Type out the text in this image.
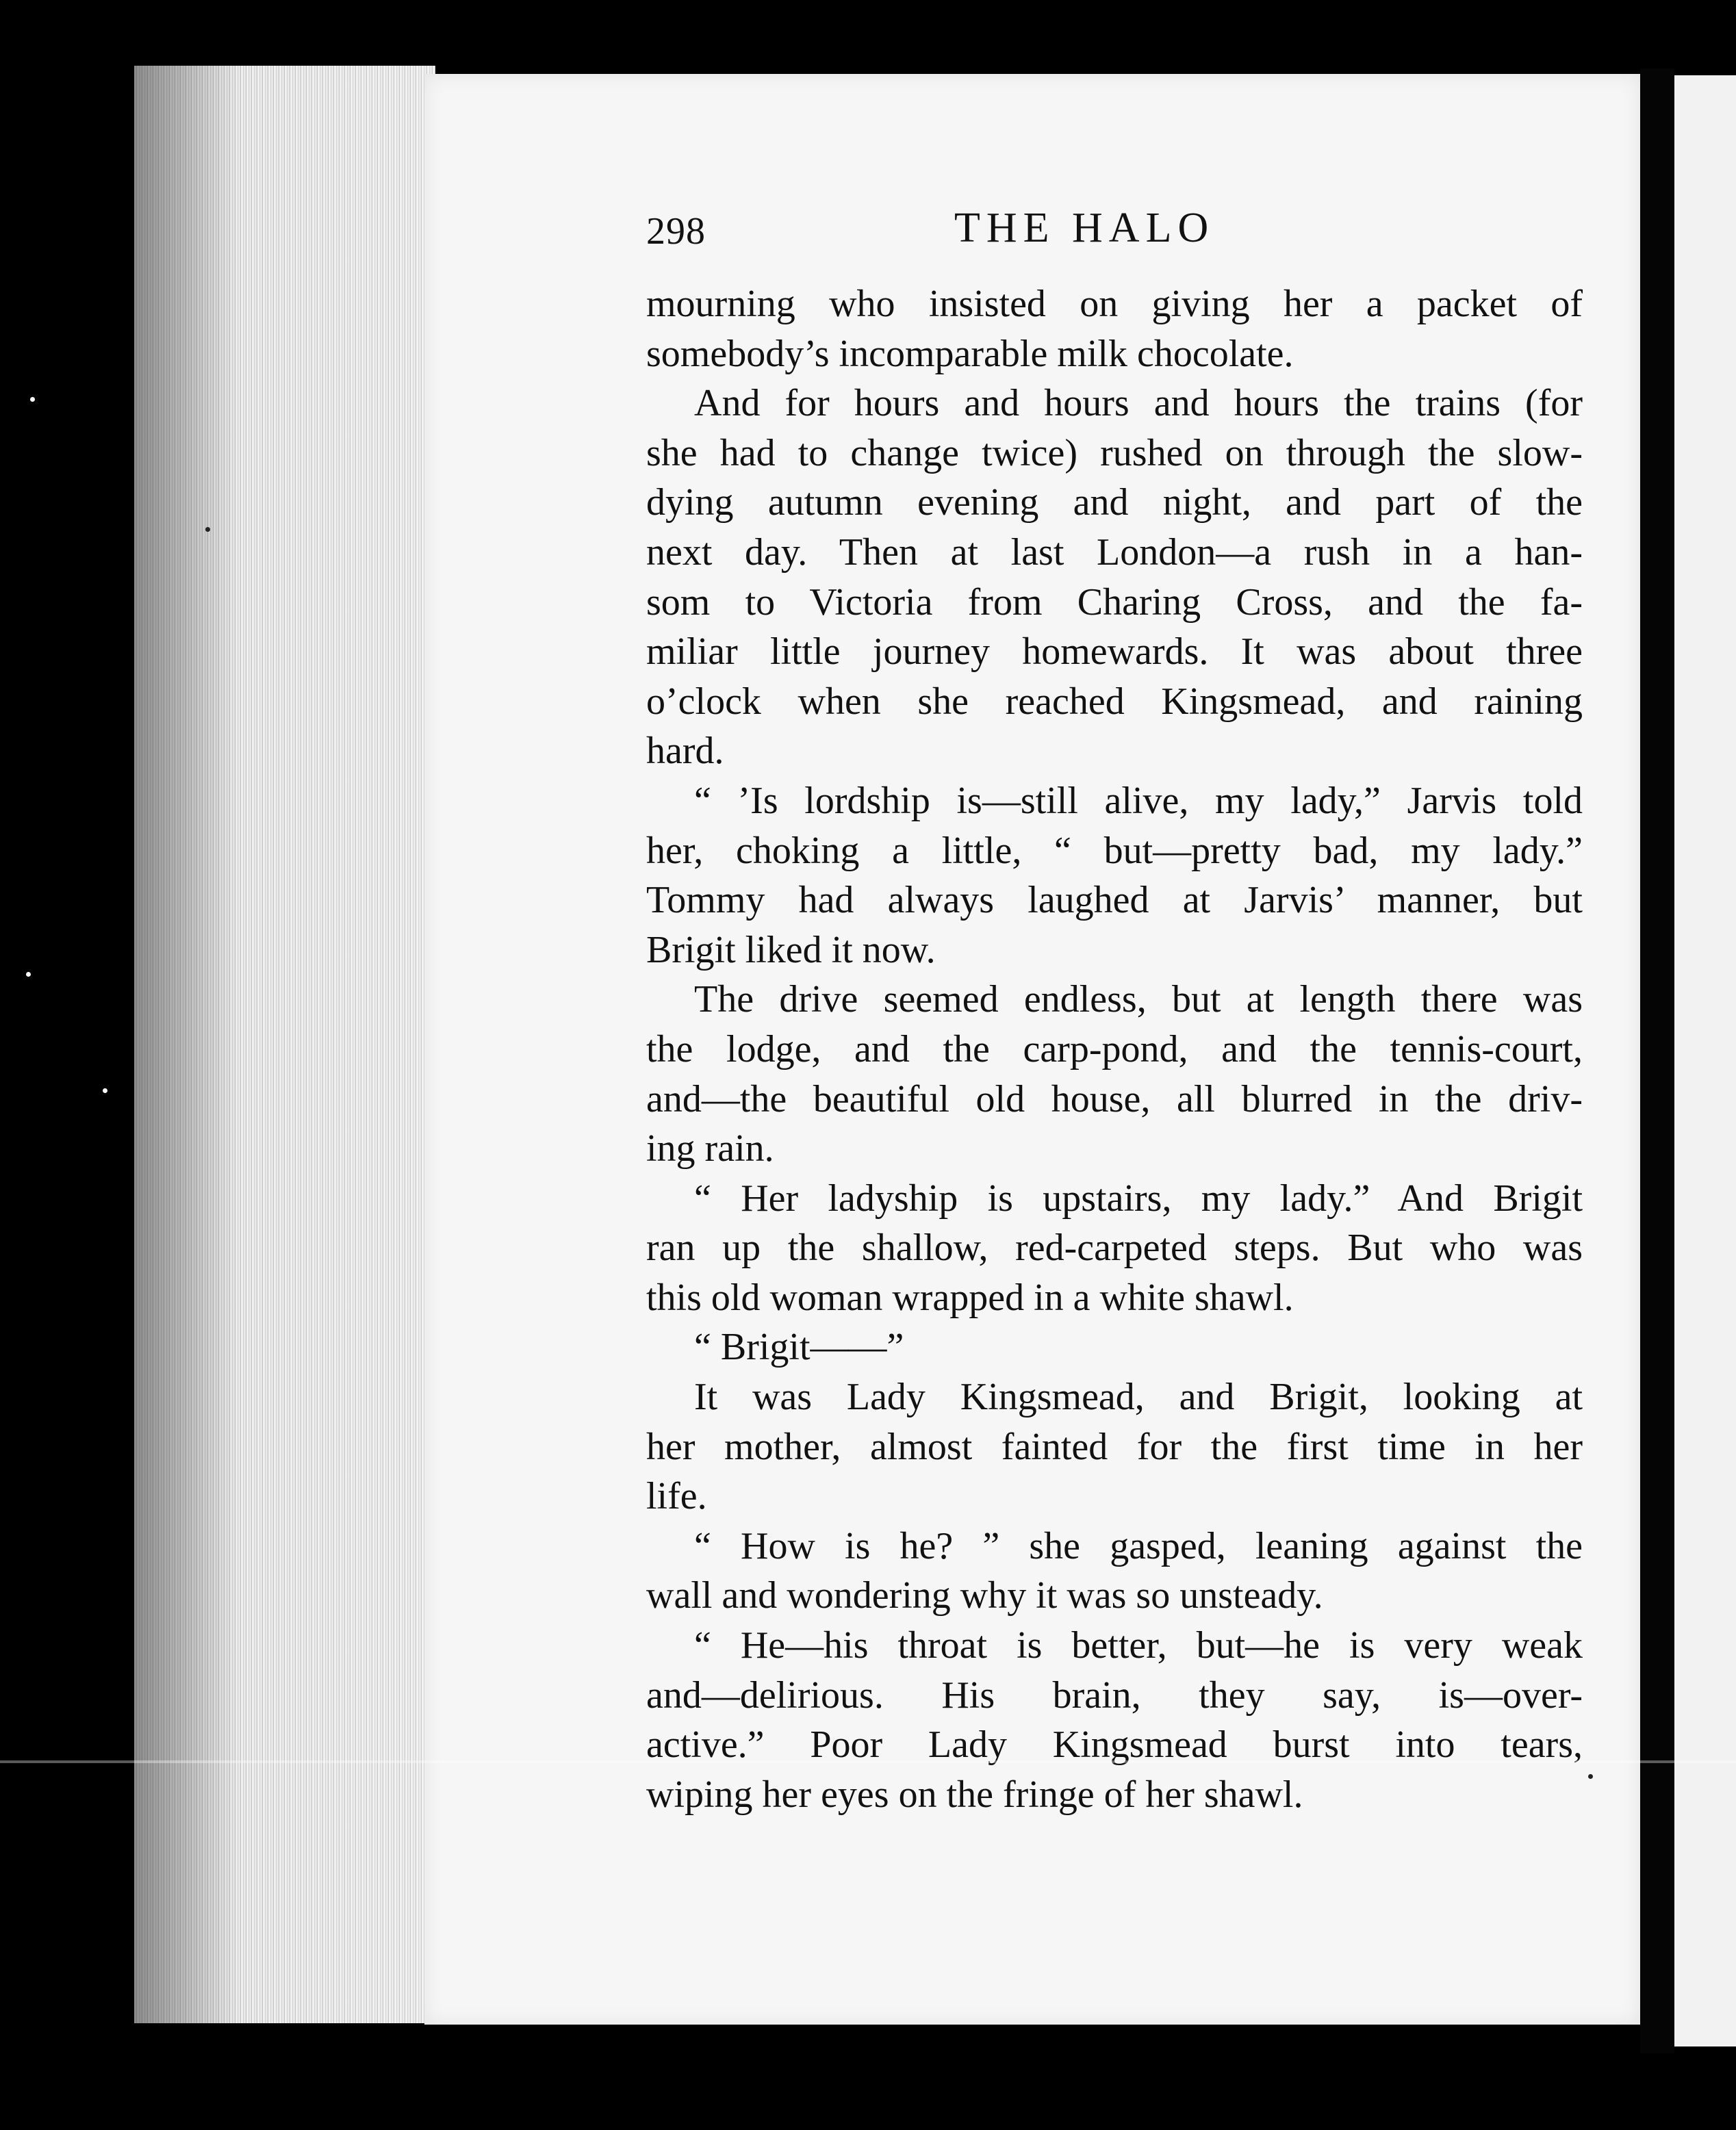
298	THE HALO
mourning who insisted on giving her a packet of
somebody’s incomparable milk chocolate.
And for hours and hours and hours the trains (for
she had to change twice) rushed on through the slow-
dying autumn evening and night, and part of the
next day. Then at last London—a rush in a han-
som to Victoria from Charing Cross, and the fa-
miliar little journey homewards. It was about three
o’clock when she reached Kingsmead, and raining
hard.
“ ’Is lordship is—still alive, my lady,” Jarvis told
her, choking a little, “ but—pretty bad, my lady.”
Tommy had always laughed at Jarvis’ manner, but
Brigit liked it now.
The drive seemed endless, but at length there was
the lodge, and the carp-pond, and the tennis-court,
and—the beautiful old house, all blurred in the driv-
ing rain.
“ Her ladyship is upstairs, my lady.” And Brigit
ran up the shallow, red-carpeted steps. But who was
this old woman wrapped in a white shawl.
“ Brigit——”
It was Lady Kingsmead, and Brigit, looking at
her mother, almost fainted for the first time in her
life.
“ How is he? ” she gasped, leaning against the
wall and wondering why it was so unsteady.
“ He—his throat is better, but—he is very weak
and—delirious. His brain, they say, is—over-
active.” Poor Lady Kingsmead burst into tears,
wiping her eyes on the fringe of her shawl.
